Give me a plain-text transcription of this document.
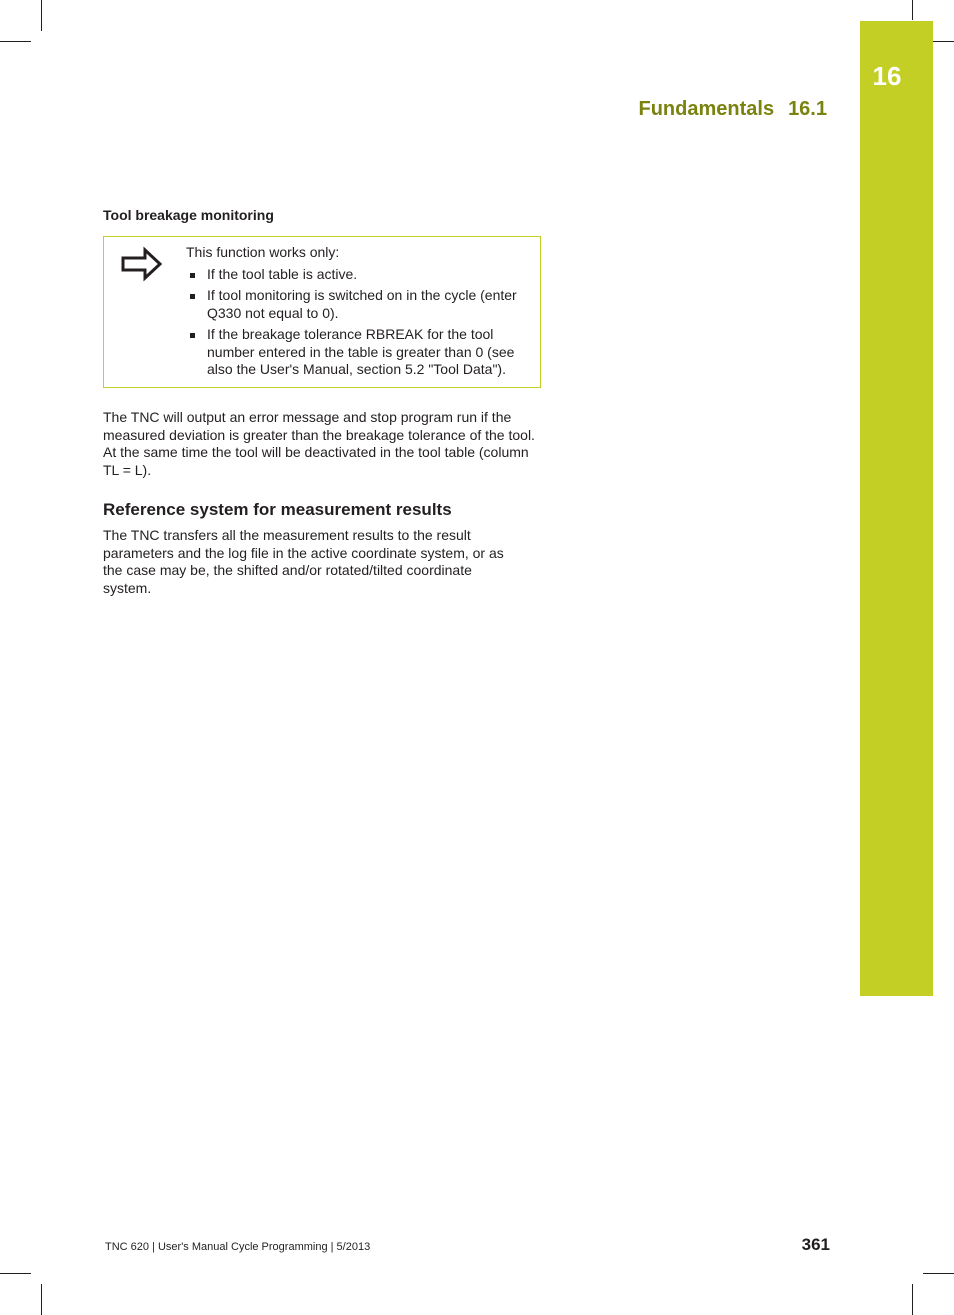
16
Fundamentals 16.1
Tool breakage monitoring
This function works only:
If the tool table is active.
If tool monitoring is switched on in the cycle (enter Q330 not equal to 0).
If the breakage tolerance RBREAK for the tool number entered in the table is greater than 0 (see also the User's Manual, section 5.2 "Tool Data").

The TNC will output an error message and stop program run if the measured deviation is greater than the breakage tolerance of the tool. At the same time the tool will be deactivated in the tool table (column TL = L).

Reference system for measurement results

The TNC transfers all the measurement results to the result parameters and the log file in the active coordinate system, or as the case may be, the shifted and/or rotated/tilted coordinate system.

TNC 620 | User's Manual Cycle Programming | 5/2013	361
